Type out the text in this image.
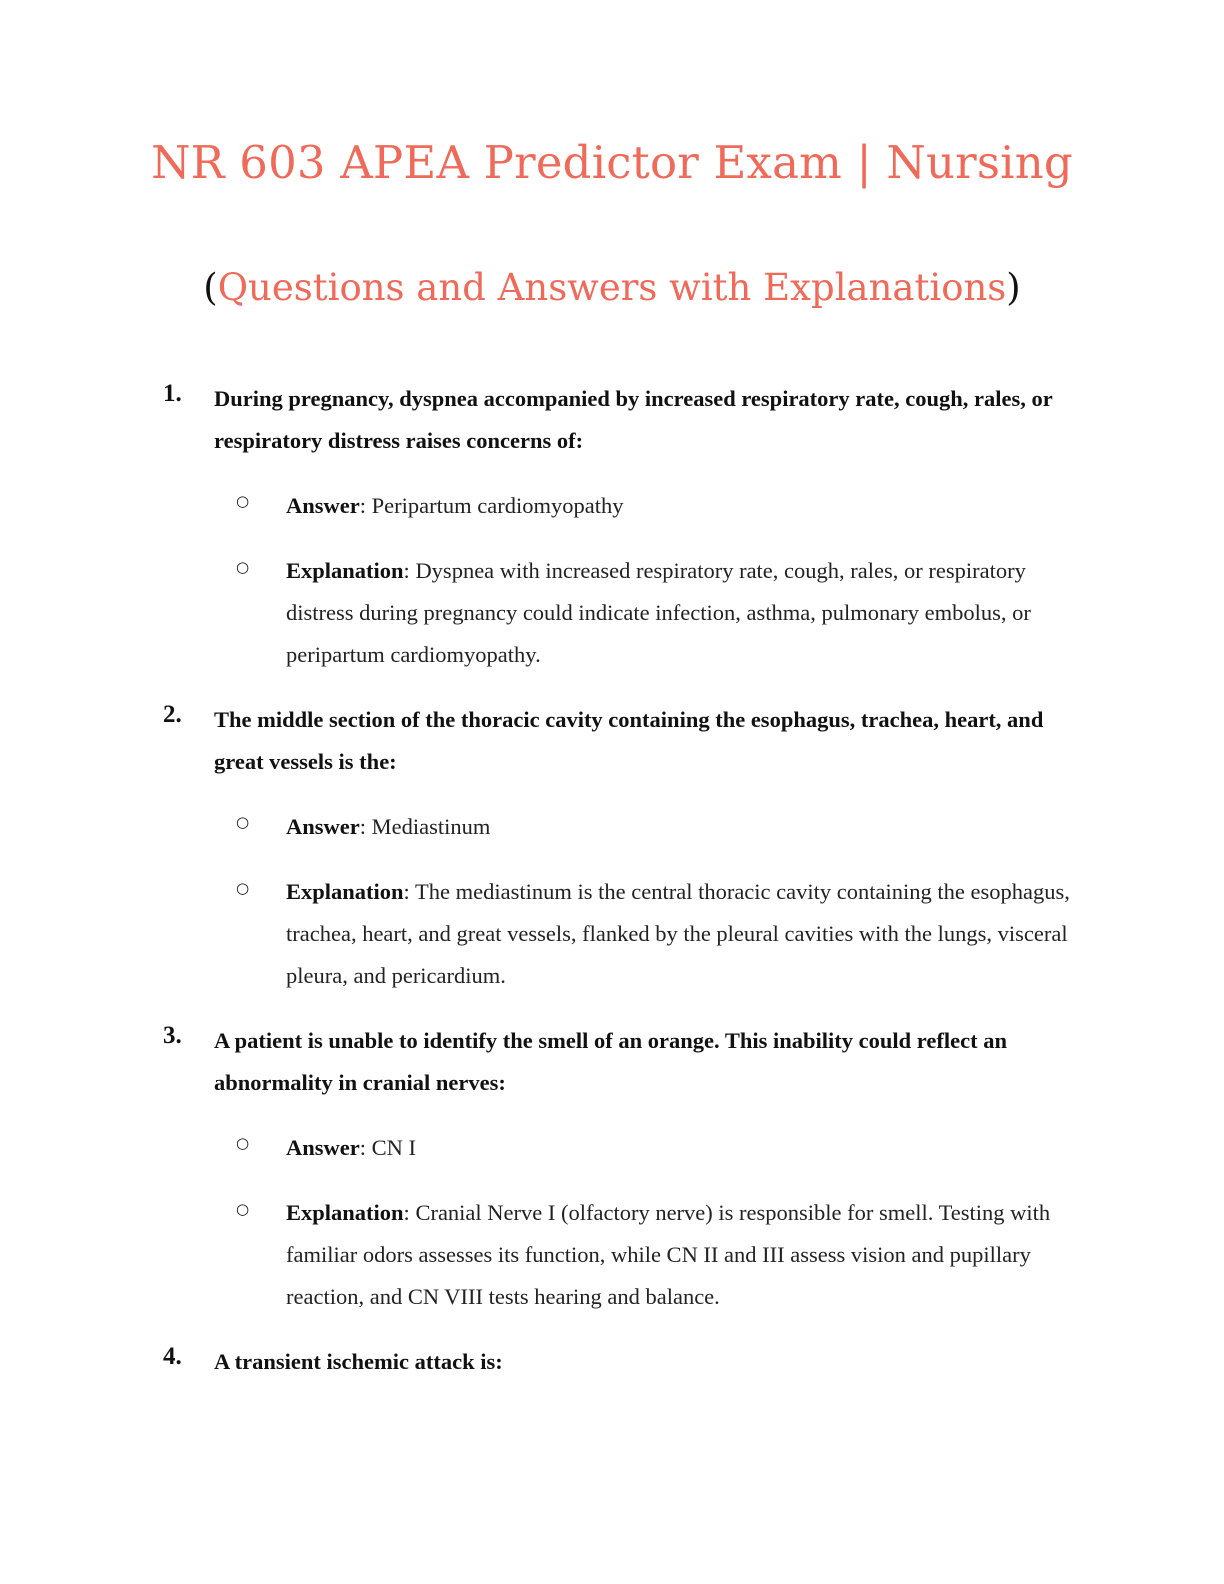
NR 603 APEA Predictor Exam | Nursing
(Questions and Answers with Explanations)
1. During pregnancy, dyspnea accompanied by increased respiratory rate, cough, rales, or respiratory distress raises concerns of:
○ Answer: Peripartum cardiomyopathy
○ Explanation: Dyspnea with increased respiratory rate, cough, rales, or respiratory distress during pregnancy could indicate infection, asthma, pulmonary embolus, or peripartum cardiomyopathy.
2. The middle section of the thoracic cavity containing the esophagus, trachea, heart, and great vessels is the:
○ Answer: Mediastinum
○ Explanation: The mediastinum is the central thoracic cavity containing the esophagus, trachea, heart, and great vessels, flanked by the pleural cavities with the lungs, visceral pleura, and pericardium.
3. A patient is unable to identify the smell of an orange. This inability could reflect an abnormality in cranial nerves:
○ Answer: CN I
○ Explanation: Cranial Nerve I (olfactory nerve) is responsible for smell. Testing with familiar odors assesses its function, while CN II and III assess vision and pupillary reaction, and CN VIII tests hearing and balance.
4. A transient ischemic attack is:
